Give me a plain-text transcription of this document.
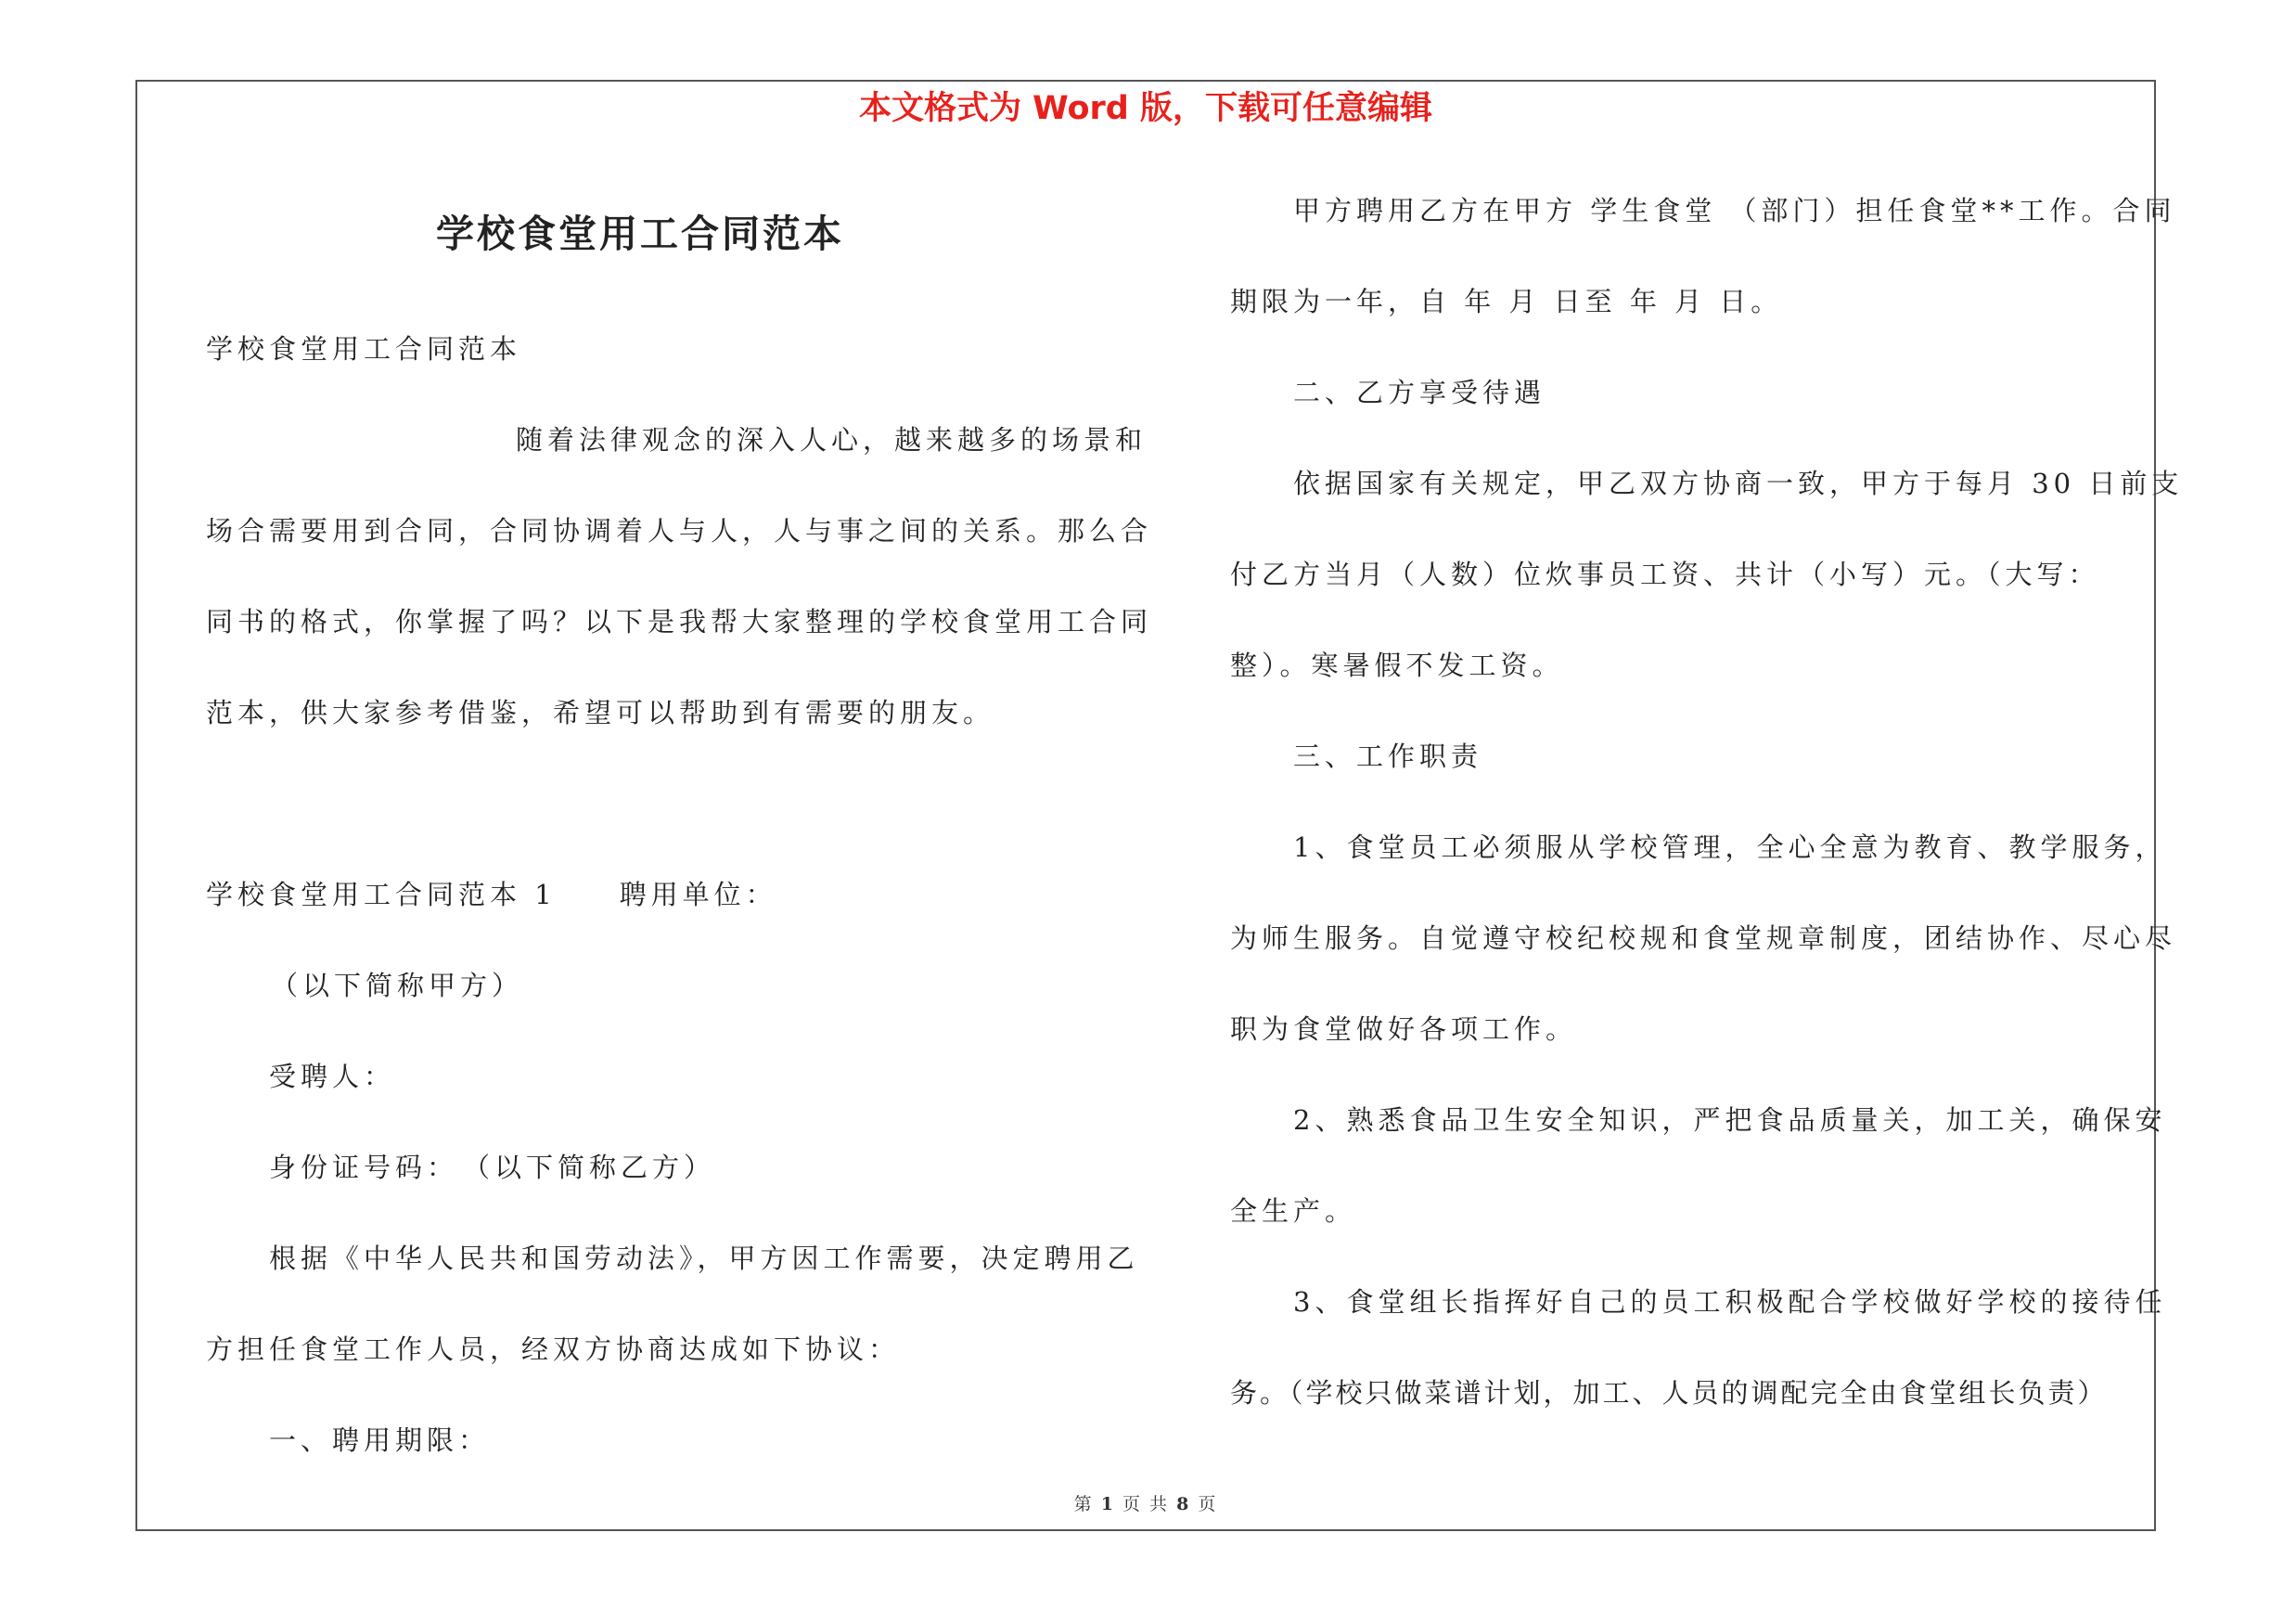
本文格式为 Word 版，下载可任意编辑
学校食堂用工合同范本
学校食堂用工合同范本
随着法律观念的深入人心，越来越多的场景和
场合需要用到合同，合同协调着人与人，人与事之间的关系。那么合
同书的格式，你掌握了吗？以下是我帮大家整理的学校食堂用工合同
范本，供大家参考借鉴，希望可以帮助到有需要的朋友。
学校食堂用工合同范本 1　　聘用单位：
（以下简称甲方）
受聘人：
身份证号码：　（以下简称乙方）
根据《中华人民共和国劳动法》，甲方因工作需要，决定聘用乙
方担任食堂工作人员，经双方协商达成如下协议：
一、聘用期限：
甲方聘用乙方在甲方 学生食堂 （部门）担任食堂**工作。合同
期限为一年，自 年 月 日至 年 月 日。
二、乙方享受待遇
依据国家有关规定，甲乙双方协商一致，甲方于每月 30 日前支
付乙方当月（人数）位炊事员工资、共计（小写）元。（大写：
整）。寒暑假不发工资。
三、工作职责
1、食堂员工必须服从学校管理，全心全意为教育、教学服务，
为师生服务。自觉遵守校纪校规和食堂规章制度，团结协作、尽心尽
职为食堂做好各项工作。
2、熟悉食品卫生安全知识，严把食品质量关，加工关，确保安
全生产。
3、食堂组长指挥好自己的员工积极配合学校做好学校的接待任
务。（学校只做菜谱计划，加工、人员的调配完全由食堂组长负责）
第 1 页 共 8 页
